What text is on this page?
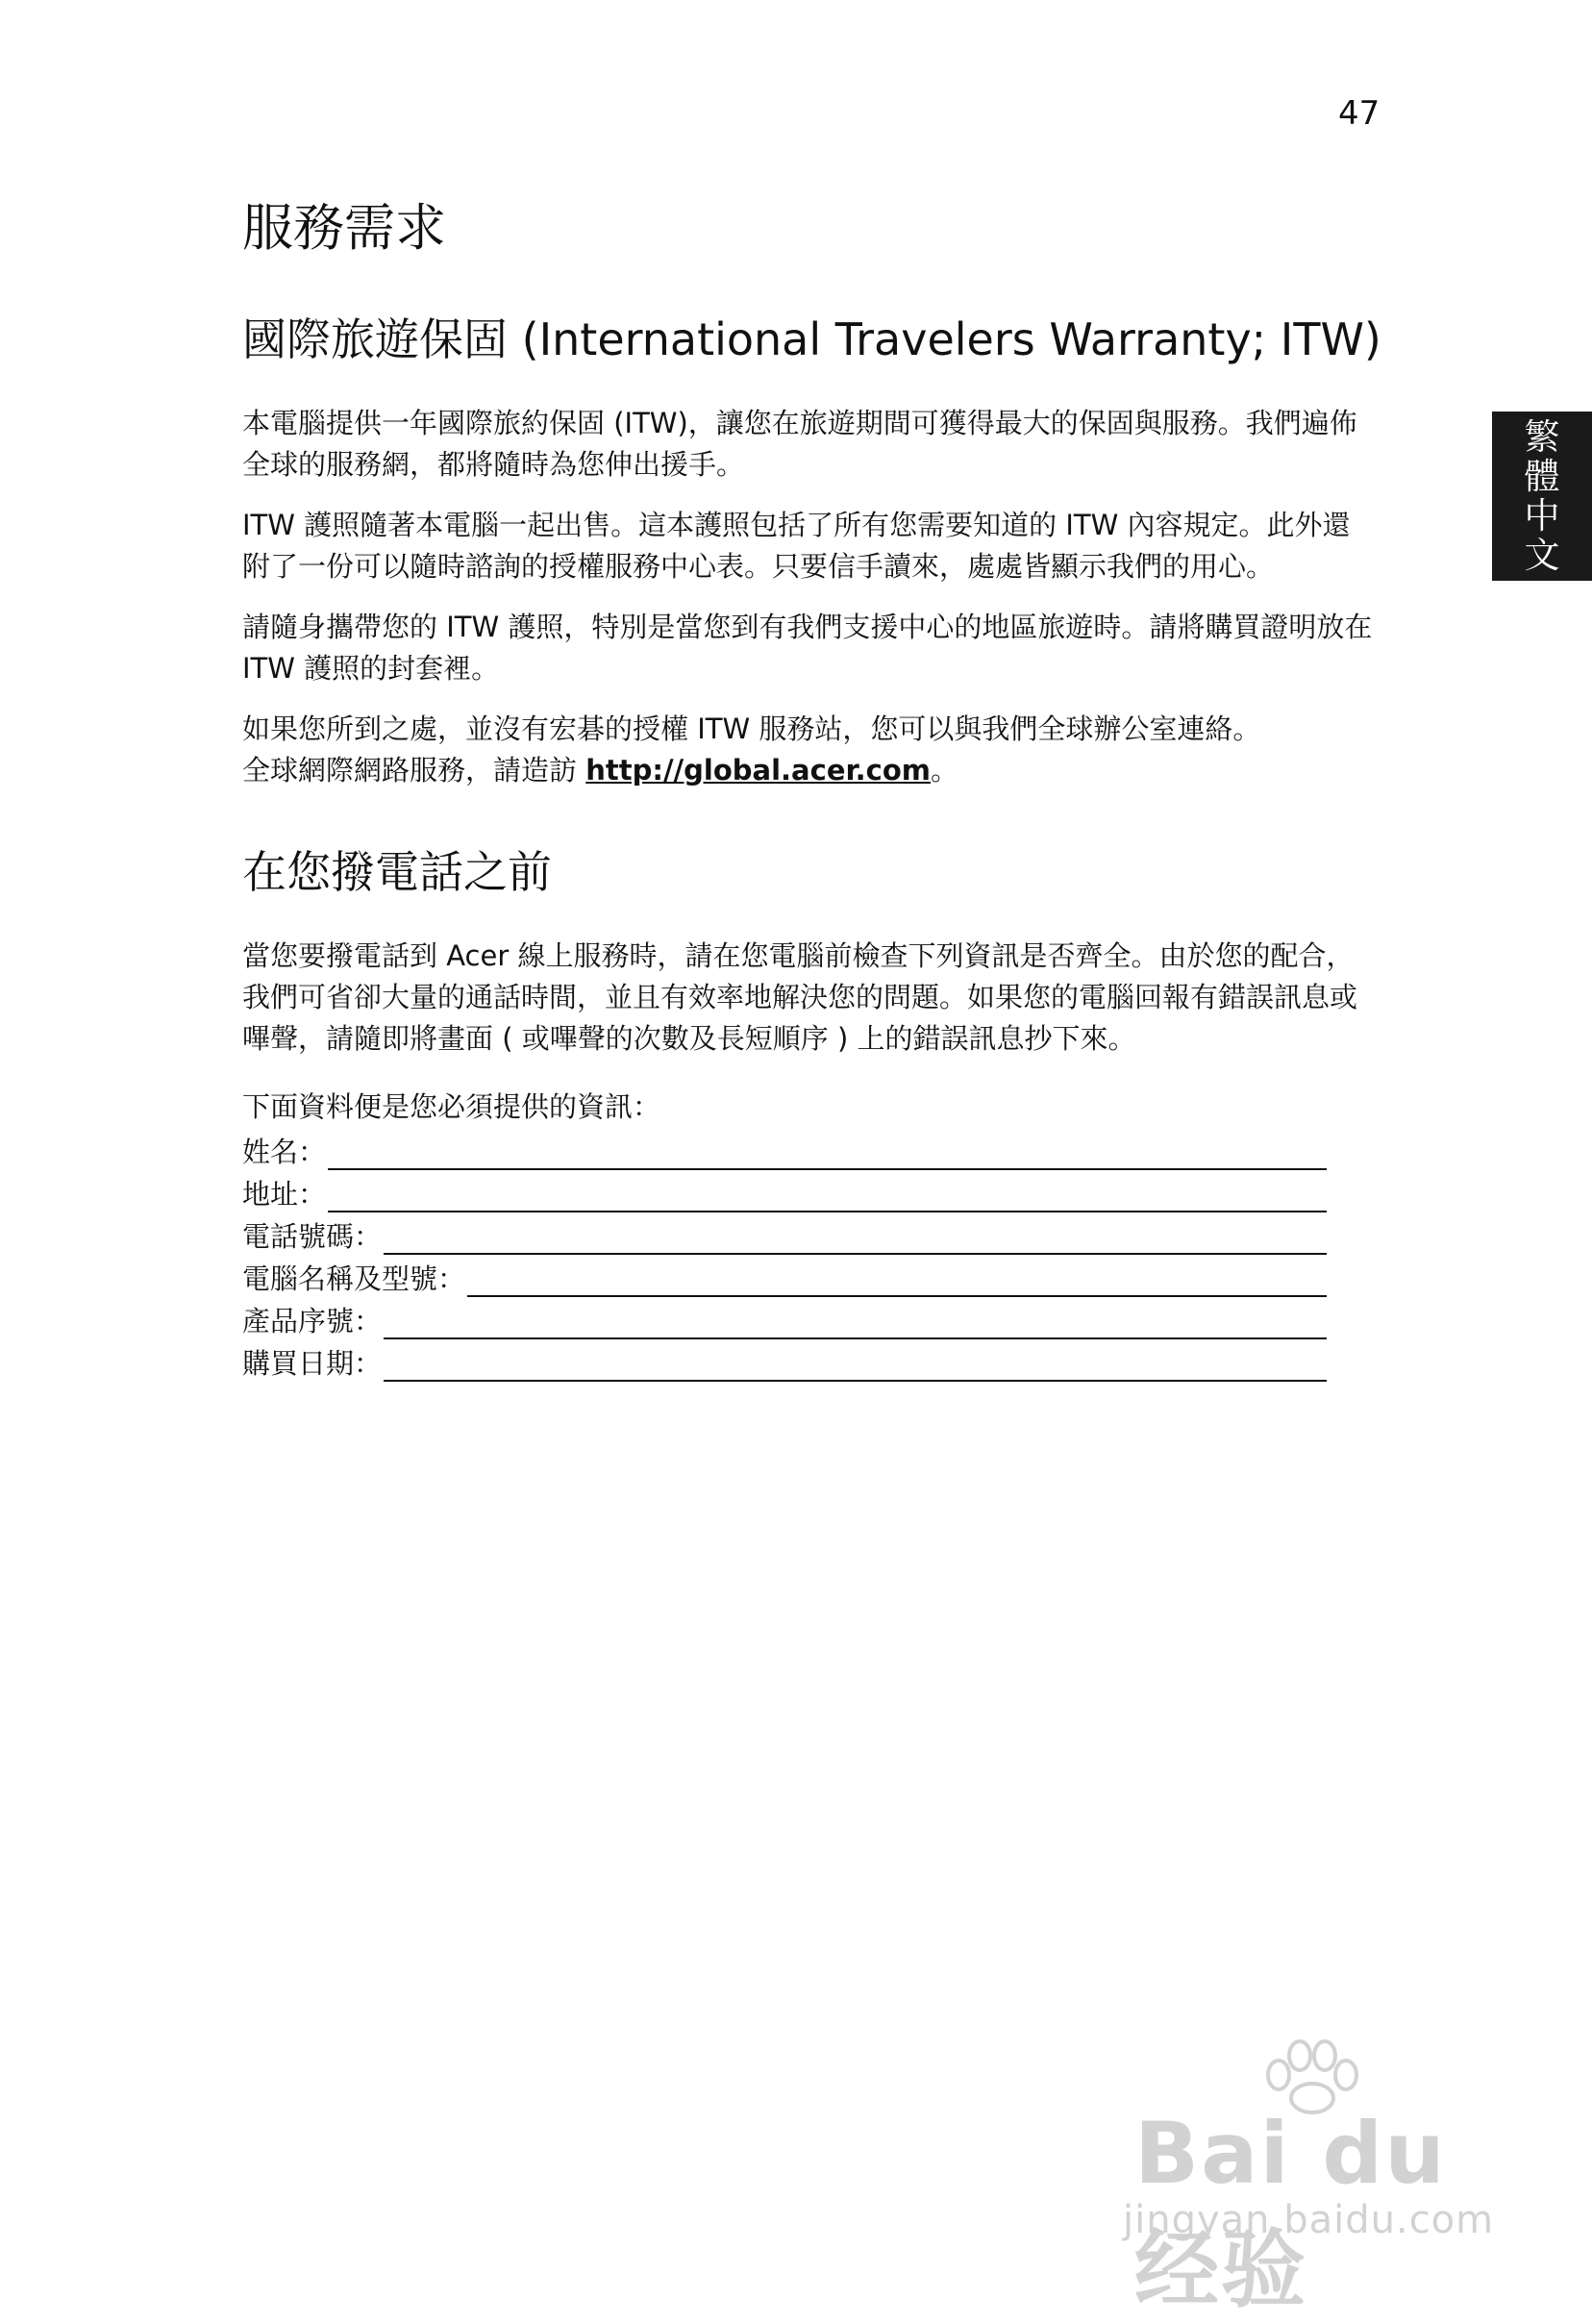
47
繁體中文
服務需求
國際旅遊保固 (International Travelers Warranty; ITW)

本電腦提供一年國際旅約保固 (ITW)，讓您在旅遊期間可獲得最大的保固與服務。我們遍佈全球的服務網，都將隨時為您伸出援手。

ITW 護照隨著本電腦一起出售。這本護照包括了所有您需要知道的 ITW 內容規定。此外還附了一份可以隨時諮詢的授權服務中心表。只要信手讀來，處處皆顯示我們的用心。

請隨身攜帶您的 ITW 護照，特別是當您到有我們支援中心的地區旅遊時。請將購買證明放在 ITW 護照的封套裡。

如果您所到之處，並沒有宏碁的授權 ITW 服務站，您可以與我們全球辦公室連絡。
全球網際網路服務，請造訪 http://global.acer.com。

在您撥電話之前

當您要撥電話到 Acer 線上服務時，請在您電腦前檢查下列資訊是否齊全。由於您的配合，我們可省卻大量的通話時間，並且有效率地解決您的問題。如果您的電腦回報有錯誤訊息或嗶聲，請隨即將畫面 ( 或嗶聲的次數及長短順序 ) 上的錯誤訊息抄下來。

下面資料便是您必須提供的資訊：
姓名：
地址：
電話號碼：
電腦名稱及型號：
產品序號：
購買日期：
Bai du 经验
jingyan.baidu.com
